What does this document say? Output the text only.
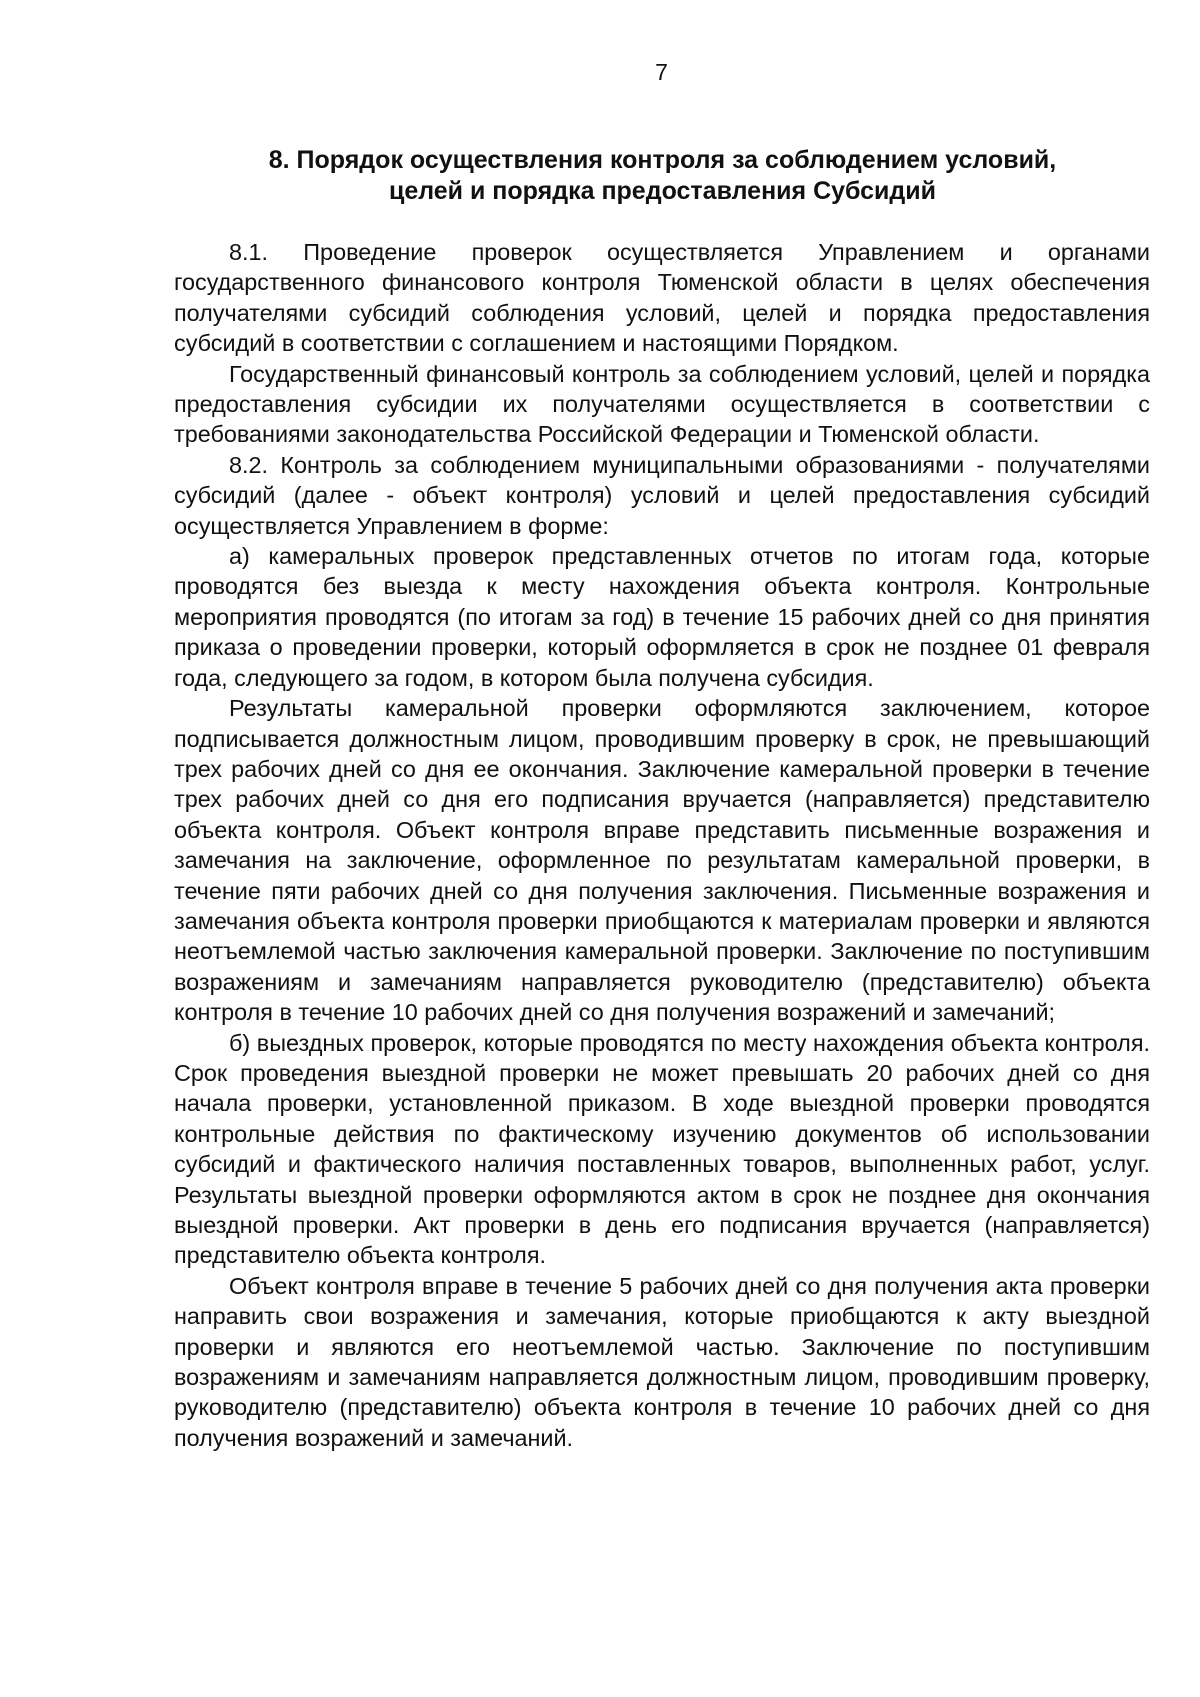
7
8. Порядок осуществления контроля за соблюдением условий,
целей и порядка предоставления Субсидий

8.1. Проведение проверок осуществляется Управлением и органами государственного финансового контроля Тюменской области в целях обеспечения получателями субсидий соблюдения условий, целей и порядка предоставления субсидий в соответствии с соглашением и настоящими Порядком.

Государственный финансовый контроль за соблюдением условий, целей и порядка предоставления субсидии их получателями осуществляется в соответствии с требованиями законодательства Российской Федерации и Тюменской области.

8.2. Контроль за соблюдением муниципальными образованиями - получателями субсидий (далее - объект контроля) условий и целей предоставления субсидий осуществляется Управлением в форме:

а) камеральных проверок представленных отчетов по итогам года, которые проводятся без выезда к месту нахождения объекта контроля. Контрольные мероприятия проводятся (по итогам за год) в течение 15 рабочих дней со дня принятия приказа о проведении проверки, который оформляется в срок не позднее 01 февраля года, следующего за годом, в котором была получена субсидия.

Результаты камеральной проверки оформляются заключением, которое подписывается должностным лицом, проводившим проверку в срок, не превышающий трех рабочих дней со дня ее окончания. Заключение камеральной проверки в течение трех рабочих дней со дня его подписания вручается (направляется) представителю объекта контроля. Объект контроля вправе представить письменные возражения и замечания на заключение, оформленное по результатам камеральной проверки, в течение пяти рабочих дней со дня получения заключения. Письменные возражения и замечания объекта контроля проверки приобщаются к материалам проверки и являются неотъемлемой частью заключения камеральной проверки. Заключение по поступившим возражениям и замечаниям направляется руководителю (представителю) объекта контроля в течение 10 рабочих дней со дня получения возражений и замечаний;

б) выездных проверок, которые проводятся по месту нахождения объекта контроля. Срок проведения выездной проверки не может превышать 20 рабочих дней со дня начала проверки, установленной приказом. В ходе выездной проверки проводятся контрольные действия по фактическому изучению документов об использовании субсидий и фактического наличия поставленных товаров, выполненных работ, услуг. Результаты выездной проверки оформляются актом в срок не позднее дня окончания выездной проверки. Акт проверки в день его подписания вручается (направляется) представителю объекта контроля.

Объект контроля вправе в течение 5 рабочих дней со дня получения акта проверки направить свои возражения и замечания, которые приобщаются к акту выездной проверки и являются его неотъемлемой частью. Заключение по поступившим возражениям и замечаниям направляется должностным лицом, проводившим проверку, руководителю (представителю) объекта контроля в течение 10 рабочих дней со дня получения возражений и замечаний.
